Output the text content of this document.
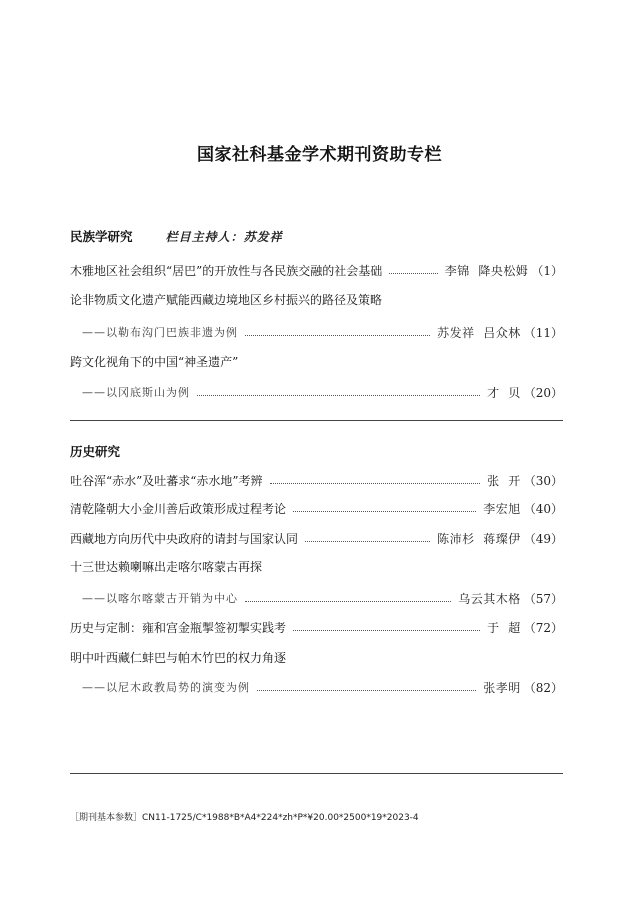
国家社科基金学术期刊资助专栏
民族学研究	栏目主持人：苏发祥
木雅地区社会组织“居巴”的开放性与各民族交融的社会基础	李锦  降央松姆 （1）
论非物质文化遗产赋能西藏边境地区乡村振兴的路径及策略
——以勒布沟门巴族非遗为例	苏发祥  吕众林 （11）
跨文化视角下的中国“神圣遗产”
——以冈底斯山为例	才  贝 （20）
历史研究
吐谷浑“赤水”及吐蕃求“赤水地”考辨	张  开 （30）
清乾隆朝大小金川善后政策形成过程考论	李宏旭 （40）
西藏地方向历代中央政府的请封与国家认同	陈沛杉  蒋璨伊 （49）
十三世达赖喇嘛出走喀尔喀蒙古再探
——以喀尔喀蒙古开销为中心	乌云其木格 （57）
历史与定制：雍和宫金瓶掣签初掣实践考	于  超 （72）
明中叶西藏仁蚌巴与帕木竹巴的权力角逐
——以尼木政教局势的演变为例	张孝明 （82）
［期刊基本参数］CN11-1725/C*1988*B*A4*224*zh*P*¥20.00*2500*19*2023-4
